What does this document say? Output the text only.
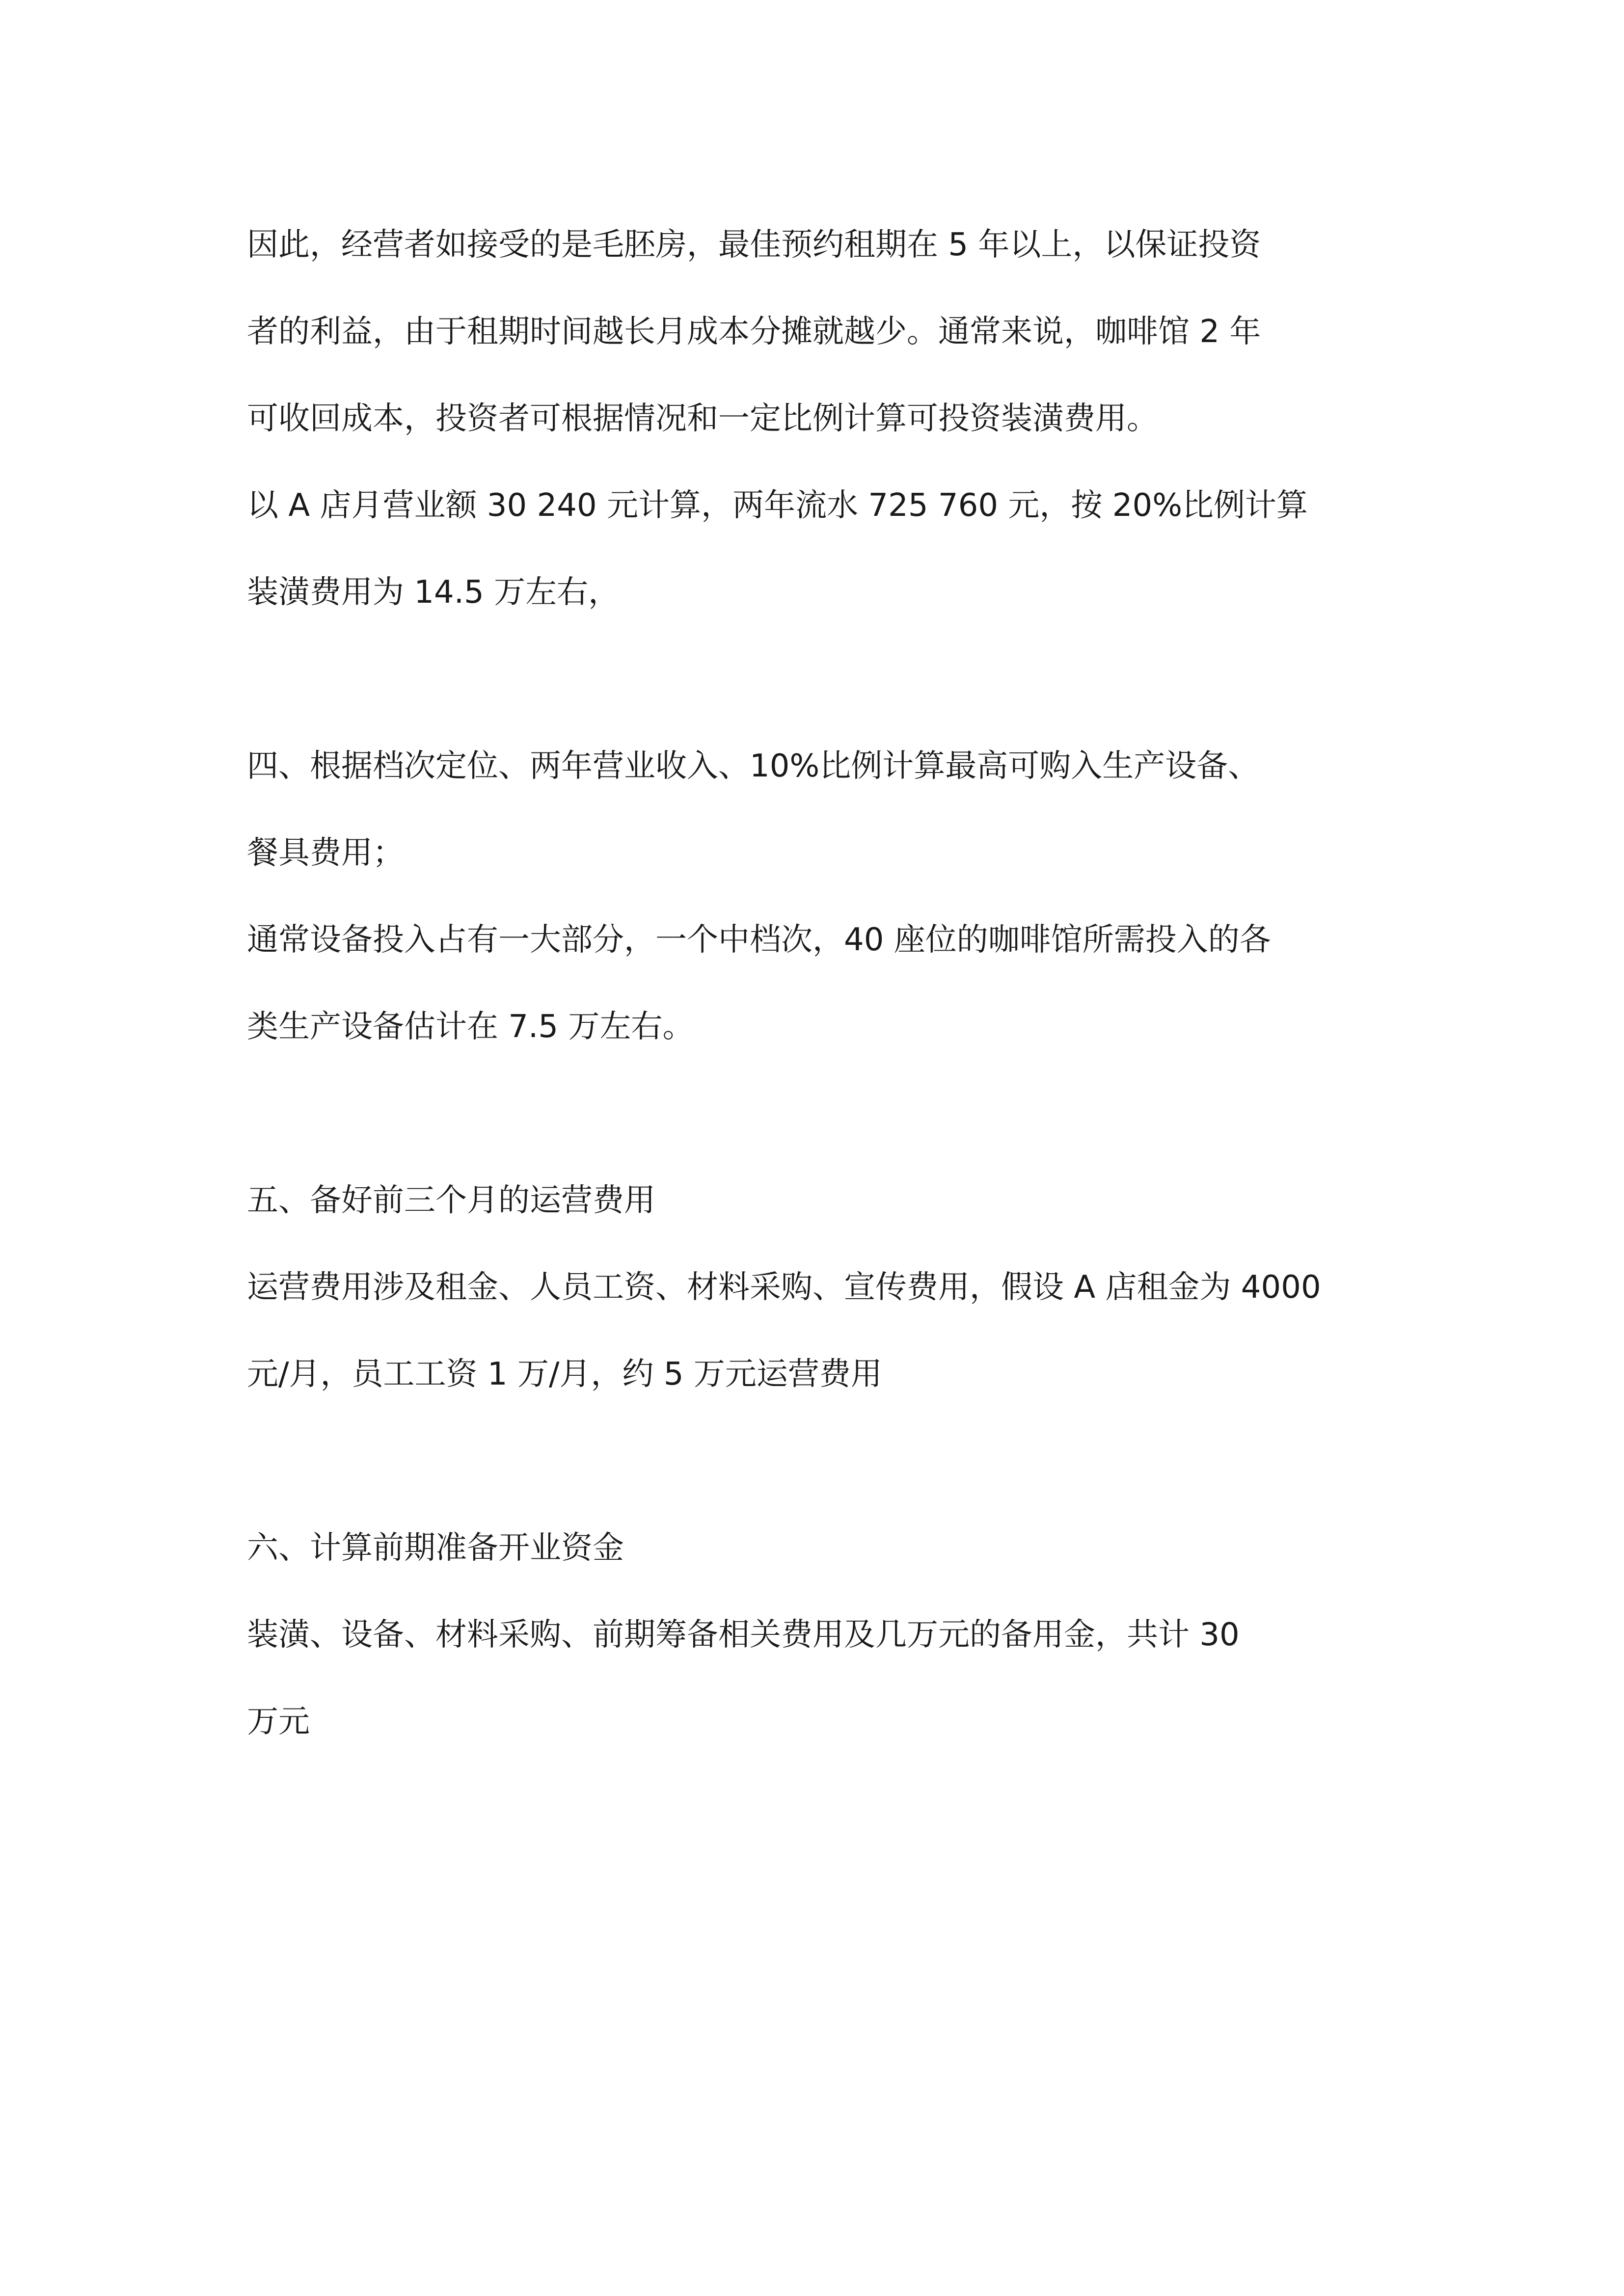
因此，经营者如接受的是毛胚房，最佳预约租期在 5 年以上，以保证投资

者的利益，由于租期时间越长月成本分摊就越少。通常来说，咖啡馆 2 年

可收回成本，投资者可根据情况和一定比例计算可投资装潢费用。

以 A 店月营业额 30 240 元计算，两年流水 725 760 元，按 20%比例计算

装潢费用为 14.5 万左右，

四、根据档次定位、两年营业收入、10%比例计算最高可购入生产设备、

餐具费用；

通常设备投入占有一大部分，一个中档次，40 座位的咖啡馆所需投入的各

类生产设备估计在 7.5 万左右。

五、备好前三个月的运营费用

运营费用涉及租金、人员工资、材料采购、宣传费用，假设 A 店租金为 4000

元/月，员工工资 1 万/月，约 5 万元运营费用

六、计算前期准备开业资金

装潢、设备、材料采购、前期筹备相关费用及几万元的备用金，共计 30

万元
